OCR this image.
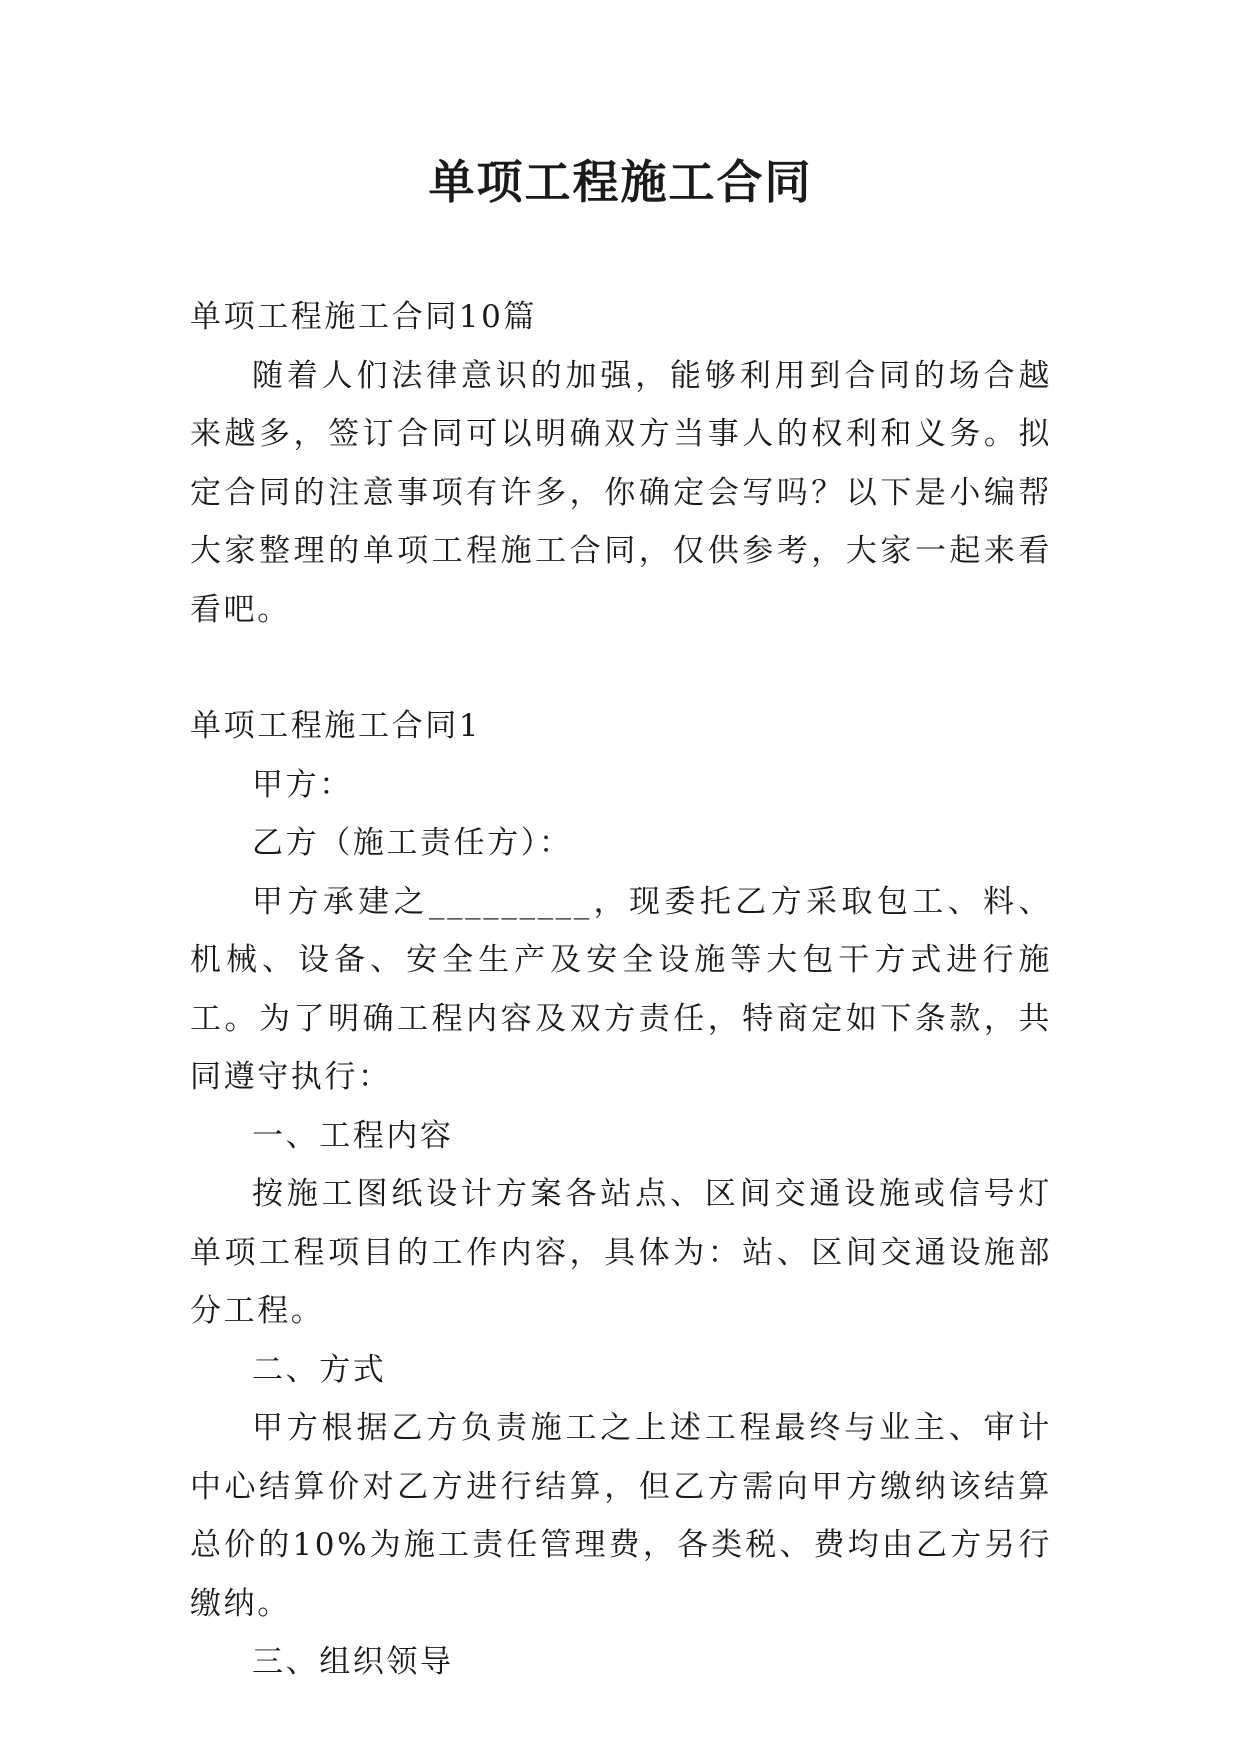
单项工程施工合同

单项工程施工合同10篇

随着人们法律意识的加强，能够利用到合同的场合越来越多，签订合同可以明确双方当事人的权利和义务。拟定合同的注意事项有许多，你确定会写吗？以下是小编帮大家整理的单项工程施工合同，仅供参考，大家一起来看看吧。

单项工程施工合同1

甲方：

乙方（施工责任方）：

甲方承建之_________，现委托乙方采取包工、料、机械、设备、安全生产及安全设施等大包干方式进行施工。为了明确工程内容及双方责任，特商定如下条款，共同遵守执行：

一、工程内容

按施工图纸设计方案各站点、区间交通设施或信号灯单项工程项目的工作内容，具体为：站、区间交通设施部分工程。

二、方式

甲方根据乙方负责施工之上述工程最终与业主、审计中心结算价对乙方进行结算，但乙方需向甲方缴纳该结算总价的10%为施工责任管理费，各类税、费均由乙方另行缴纳。

三、组织领导
